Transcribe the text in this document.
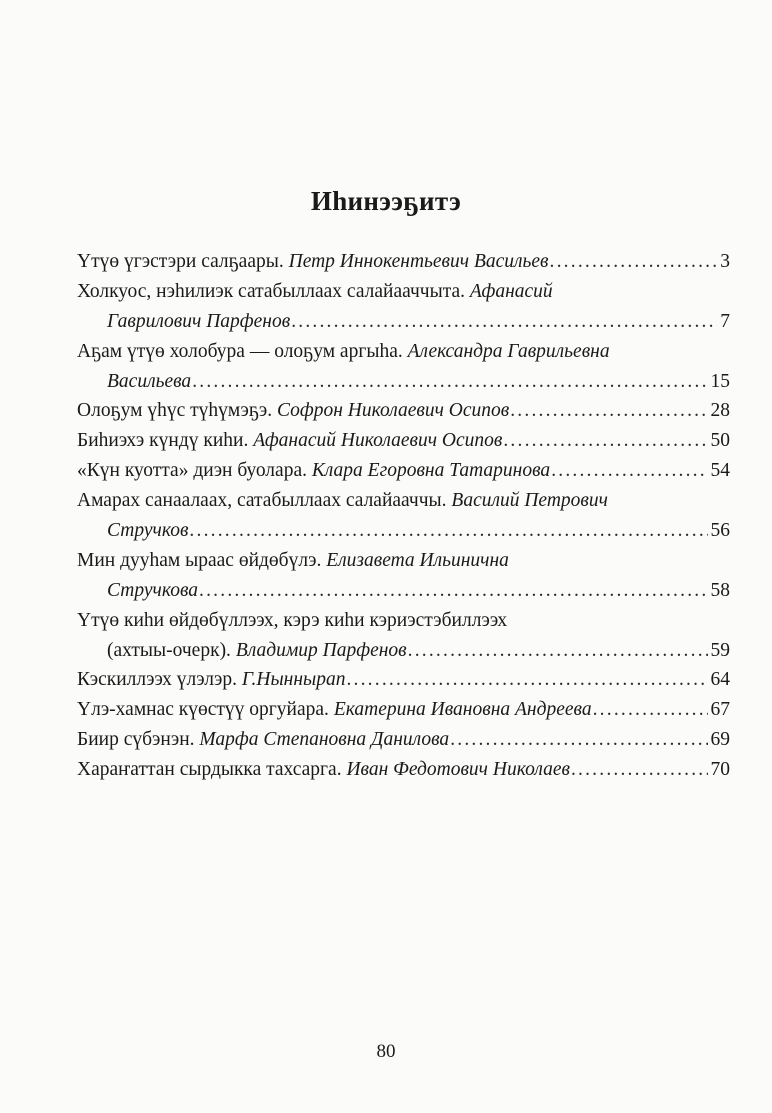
Иhинээҕитэ
Үтүө үгэстэри салҕаары. Петр Иннокентьевич Васильев .....	3
Холкуос, нэhилиэк сатабыллаах салайааччыта. Афанасий
Гаврилович Парфенов .....	7
Аҕам үтүө холобура — олоҕум аргыhа. Александра Гаврильевна
Васильева .....	15
Олоҕум үhүс түhүмэҕэ. Софрон Николаевич Осипов .....	28
Биhиэхэ күндү киhи. Афанасий Николаевич Осипов .....	50
«Күн куотта» диэн буолара. Клара Егоровна Татаринова .....	54
Амарах санаалаах, сатабыллаах салайааччы. Василий Петрович
Стручков .....	56
Мин дууhам ыраас өйдөбүлэ. Елизавета Ильинична
Стручкова .....	58
Үтүө киhи өйдөбүллээх, кэрэ киhи кэриэстэбиллээх
(ахтыы-очерк). Владимир Парфенов .....	59
Кэскиллээх үлэлэр. Г.Ныннырап .....	64
Үлэ-хамнас күөстүү оргуйара. Екатерина Ивановна Андреева .....	67
Биир сүбэнэн. Марфа Степановна Данилова .....	69
Хараҥаттан сырдыкка тахсарга. Иван Федотович Николаев .....	70
80
